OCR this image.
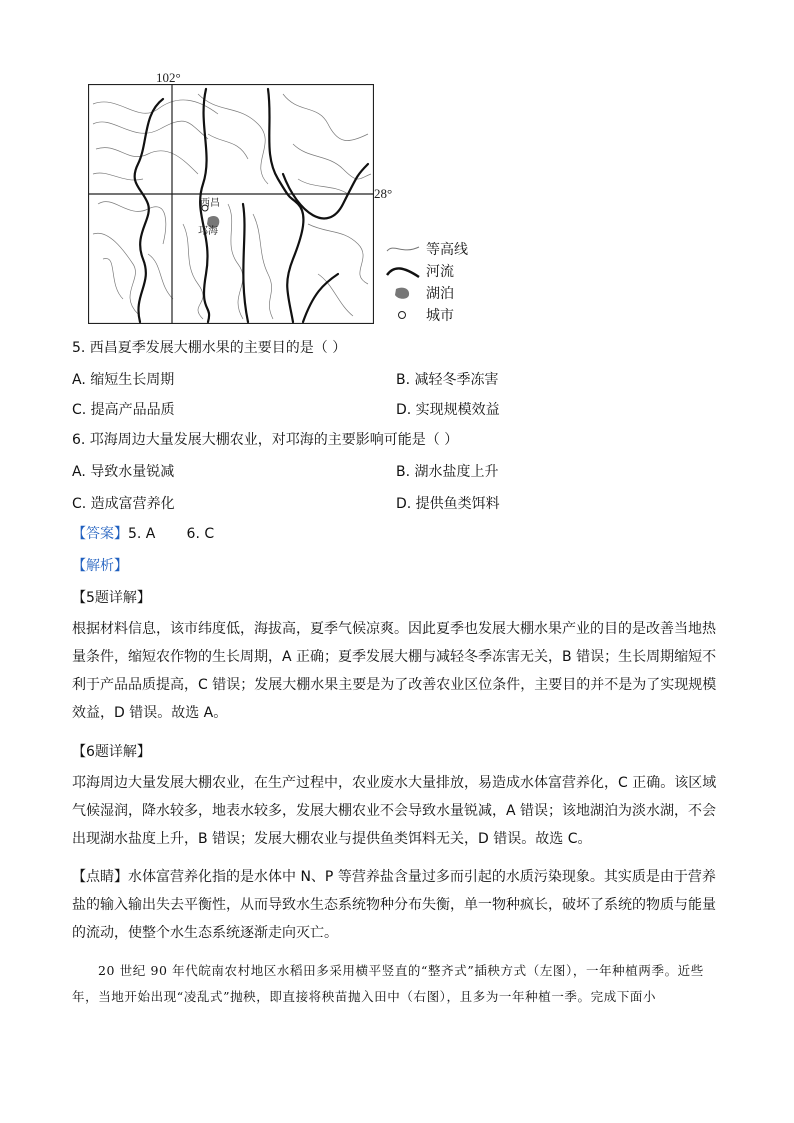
102°
28°
西昌
邛海
等高线
河流
湖泊
城市
5. 西昌夏季发展大棚水果的主要目的是（ ）
A. 缩短生长周期	B. 减轻冬季冻害
C. 提高产品品质	D. 实现规模效益
6. 邛海周边大量发展大棚农业，对邛海的主要影响可能是（ ）
A. 导致水量锐减	B. 湖水盐度上升
C. 造成富营养化	D. 提供鱼类饵料
【答案】5. A       6. C
【解析】
【5题详解】
根据材料信息，该市纬度低，海拔高，夏季气候凉爽。因此夏季也发展大棚水果产业的目的是改善当地热量条件，缩短农作物的生长周期，A 正确；夏季发展大棚与减轻冬季冻害无关，B 错误；生长周期缩短不利于产品品质提高，C 错误；发展大棚水果主要是为了改善农业区位条件，主要目的并不是为了实现规模效益，D 错误。故选 A。
【6题详解】
邛海周边大量发展大棚农业，在生产过程中，农业废水大量排放，易造成水体富营养化，C 正确。该区域气候湿润，降水较多，地表水较多，发展大棚农业不会导致水量锐减，A 错误；该地湖泊为淡水湖，不会出现湖水盐度上升，B 错误；发展大棚农业与提供鱼类饵料无关，D 错误。故选 C。
【点睛】水体富营养化指的是水体中 N、P 等营养盐含量过多而引起的水质污染现象。其实质是由于营养盐的输入输出失去平衡性，从而导致水生态系统物种分布失衡，单一物种疯长，破坏了系统的物质与能量的流动，使整个水生态系统逐渐走向灭亡。
20 世纪 90 年代皖南农村地区水稻田多采用横平竖直的“整齐式”插秧方式（左图），一年种植两季。近些年，当地开始出现“凌乱式”抛秧，即直接将秧苗抛入田中（右图），且多为一年种植一季。完成下面小
